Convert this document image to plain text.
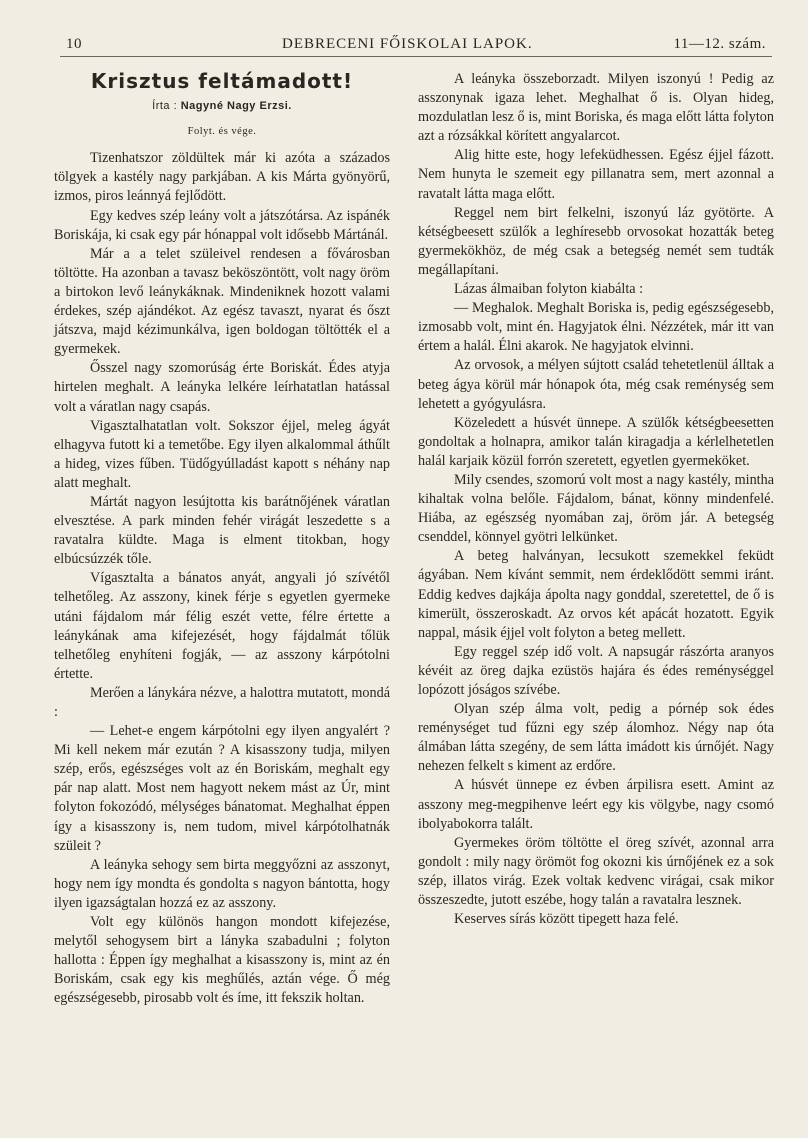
10	DEBRECENI FŐISKOLAI LAPOK.	11—12. szám.
Krisztus feltámadott!
Írta : Nagyné Nagy Erzsi.
Folyt. és vége.

Tizenhatszor zöldültek már ki azóta a százados tölgyek a kastély nagy parkjában. A kis Márta gyönyörű, izmos, piros leánnyá fejlődött.

Egy kedves szép leány volt a játszótársa. Az ispánék Boriskája, ki csak egy pár hónappal volt idősebb Mártánál.

Már a a telet szüleivel rendesen a fővárosban töltötte. Ha azonban a tavasz beköszöntött, volt nagy öröm a birtokon levő leánykáknak. Mindeniknek hozott valami érdekes, szép ajándékot. Az egész tavaszt, nyarat és őszt játszva, majd kézimunkálva, igen boldogan töltötték el a gyermekek.

Ősszel nagy szomorúság érte Boriskát. Édes atyja hirtelen meghalt. A leányka lelkére leírhatatlan hatással volt a váratlan nagy csapás.

Vigasztalhatatlan volt. Sokszor éjjel, meleg ágyát elhagyva futott ki a temetőbe. Egy ilyen alkalommal áthűlt a hideg, vizes fűben. Tüdőgyúlladást kapott s néhány nap alatt meghalt.

Mártát nagyon lesújtotta kis barátnőjének váratlan elvesztése. A park minden fehér virágát leszedette s a ravatalra küldte. Maga is elment titokban, hogy elbúcsúzzék tőle.

Vígasztalta a bánatos anyát, angyali jó szívétől telhetőleg. Az asszony, kinek férje s egyetlen gyermeke utáni fájdalom már félig eszét vette, félre értette a leánykának ama kifejezését, hogy fájdalmát tőlük telhetőleg enyhíteni fogják, — az asszony kárpótolni értette.

Merően a lánykára nézve, a halottra mutatott, mondá :

— Lehet-e engem kárpótolni egy ilyen angyalért ? Mi kell nekem már ezután ? A kisasszony tudja, milyen szép, erős, egészséges volt az én Boriskám, meghalt egy pár nap alatt. Most nem hagyott nekem mást az Úr, mint folyton fokozódó, mélységes bánatomat. Meghalhat éppen így a kisasszony is, nem tudom, mivel kárpótolhatnák szüleit ?

A leányka sehogy sem birta meggyőzni az asszonyt, hogy nem így mondta és gondolta s nagyon bántotta, hogy ilyen igazságtalan hozzá ez az asszony.

Volt egy különös hangon mondott kifejezése, melytől sehogysem birt a lányka szabadulni ; folyton hallotta : Éppen így meghalhat a kisasszony is, mint az én Boriskám, csak egy kis meghűlés, aztán vége. Ő még egészségesebb, pirosabb volt és íme, itt fekszik holtan.

A leányka összeborzadt. Milyen iszonyú ! Pedig az asszonynak igaza lehet. Meghalhat ő is. Olyan hideg, mozdulatlan lesz ő is, mint Boriska, és maga előtt látta folyton azt a rózsákkal körített angyalarcot.

Alig hitte este, hogy lefeküdhessen. Egész éjjel fázott. Nem hunyta le szemeit egy pillanatra sem, mert azonnal a ravatalt látta maga előtt.

Reggel nem birt felkelni, iszonyú láz gyötörte. A kétségbeesett szülők a leghíresebb orvosokat hozatták beteg gyermekökhöz, de még csak a betegség nemét sem tudták megállapítani.

Lázas álmaiban folyton kiabálta :

— Meghalok. Meghalt Boriska is, pedig egészségesebb, izmosabb volt, mint én. Hagyjatok élni. Nézzétek, már itt van értem a halál. Élni akarok. Ne hagyjatok elvinni.

Az orvosok, a mélyen sújtott család tehetetlenül álltak a beteg ágya körül már hónapok óta, még csak reménység sem lehetett a gyógyulásra.

Közeledett a húsvét ünnepe. A szülők kétségbeesetten gondoltak a holnapra, amikor talán kiragadja a kérlelhetetlen halál karjaik közül forrón szeretett, egyetlen gyermeköket.

Mily csendes, szomorú volt most a nagy kastély, mintha kihaltak volna belőle. Fájdalom, bánat, könny mindenfelé. Hiába, az egészség nyomában zaj, öröm jár. A betegség csenddel, könnyel gyötri lelkünket.

A beteg halványan, lecsukott szemekkel feküdt ágyában. Nem kívánt semmit, nem érdeklődött semmi iránt. Eddig kedves dajkája ápolta nagy gonddal, szeretettel, de ő is kimerült, összeroskadt. Az orvos két apácát hozatott. Egyik nappal, másik éjjel volt folyton a beteg mellett.

Egy reggel szép idő volt. A napsugár rászórta aranyos kévéit az öreg dajka ezüstös hajára és édes reménységgel lopózott jóságos szívébe.

Olyan szép álma volt, pedig a pórnép sok édes reménységet tud fűzni egy szép álomhoz. Négy nap óta álmában látta szegény, de sem látta imádott kis úrnőjét. Nagy nehezen felkelt s kiment az erdőre.

A húsvét ünnepe ez évben árpilisra esett. Amint az asszony meg-megpihenve leért egy kis völgybe, nagy csomó ibolyabokorra talált.

Gyermekes öröm töltötte el öreg szívét, azonnal arra gondolt : mily nagy örömöt fog okozni kis úrnőjének ez a sok szép, illatos virág. Ezek voltak kedvenc virágai, csak mikor összeszedte, jutott eszébe, hogy talán a ravatalra lesznek.

Keserves sírás között tipegett haza felé.
